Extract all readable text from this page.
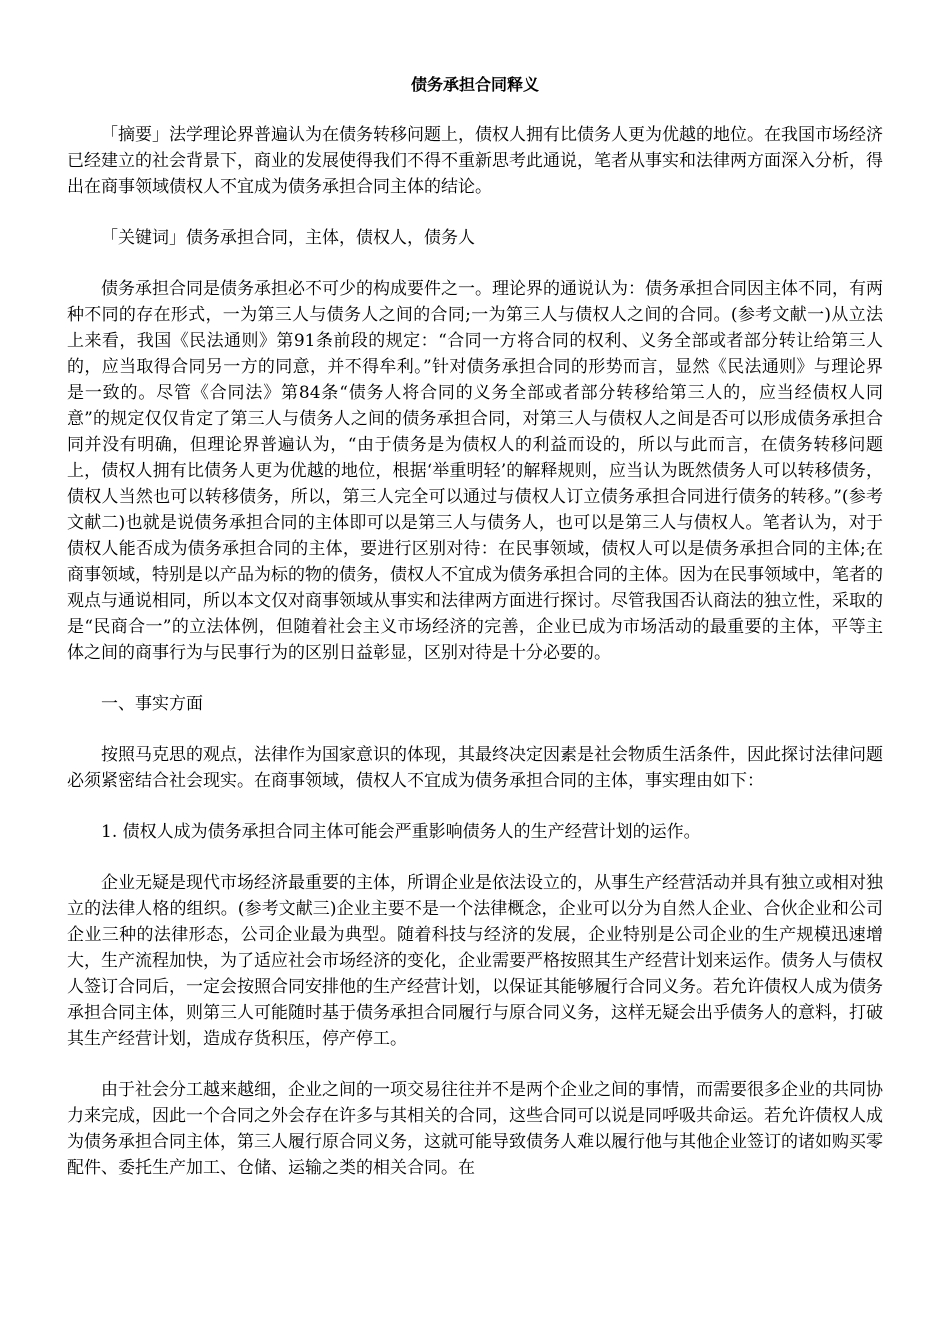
债务承担合同释义

「摘要」法学理论界普遍认为在债务转移问题上，债权人拥有比债务人更为优越的地位。在我国市场经济已经建立的社会背景下，商业的发展使得我们不得不重新思考此通说，笔者从事实和法律两方面深入分析，得出在商事领域债权人不宜成为债务承担合同主体的结论。

「关键词」债务承担合同，主体，债权人，债务人

债务承担合同是债务承担必不可少的构成要件之一。理论界的通说认为：债务承担合同因主体不同，有两种不同的存在形式，一为第三人与债务人之间的合同;一为第三人与债权人之间的合同。(参考文献一)从立法上来看，我国《民法通则》第91条前段的规定：“合同一方将合同的权利、义务全部或者部分转让给第三人的，应当取得合同另一方的同意，并不得牟利。”针对债务承担合同的形势而言，显然《民法通则》与理论界是一致的。尽管《合同法》第84条“债务人将合同的义务全部或者部分转移给第三人的，应当经债权人同意”的规定仅仅肯定了第三人与债务人之间的债务承担合同，对第三人与债权人之间是否可以形成债务承担合同并没有明确，但理论界普遍认为，“由于债务是为债权人的利益而设的，所以与此而言，在债务转移问题上，债权人拥有比债务人更为优越的地位，根据‘举重明轻’的解释规则，应当认为既然债务人可以转移债务，债权人当然也可以转移债务，所以，第三人完全可以通过与债权人订立债务承担合同进行债务的转移。”(参考文献二)也就是说债务承担合同的主体即可以是第三人与债务人，也可以是第三人与债权人。笔者认为，对于债权人能否成为债务承担合同的主体，要进行区别对待：在民事领域，债权人可以是债务承担合同的主体;在商事领域，特别是以产品为标的物的债务，债权人不宜成为债务承担合同的主体。因为在民事领域中，笔者的观点与通说相同，所以本文仅对商事领域从事实和法律两方面进行探讨。尽管我国否认商法的独立性，采取的是“民商合一”的立法体例，但随着社会主义市场经济的完善，企业已成为市场活动的最重要的主体，平等主体之间的商事行为与民事行为的区别日益彰显，区别对待是十分必要的。

一、事实方面

按照马克思的观点，法律作为国家意识的体现，其最终决定因素是社会物质生活条件，因此探讨法律问题必须紧密结合社会现实。在商事领域，债权人不宜成为债务承担合同的主体，事实理由如下：

1. 债权人成为债务承担合同主体可能会严重影响债务人的生产经营计划的运作。

企业无疑是现代市场经济最重要的主体，所谓企业是依法设立的，从事生产经营活动并具有独立或相对独立的法律人格的组织。(参考文献三)企业主要不是一个法律概念，企业可以分为自然人企业、合伙企业和公司企业三种的法律形态，公司企业最为典型。随着科技与经济的发展，企业特别是公司企业的生产规模迅速增大，生产流程加快，为了适应社会市场经济的变化，企业需要严格按照其生产经营计划来运作。债务人与债权人签订合同后，一定会按照合同安排他的生产经营计划，以保证其能够履行合同义务。若允许债权人成为债务承担合同主体，则第三人可能随时基于债务承担合同履行与原合同义务，这样无疑会出乎债务人的意料，打破其生产经营计划，造成存货积压，停产停工。

由于社会分工越来越细，企业之间的一项交易往往并不是两个企业之间的事情，而需要很多企业的共同协力来完成，因此一个合同之外会存在许多与其相关的合同，这些合同可以说是同呼吸共命运。若允许债权人成为债务承担合同主体，第三人履行原合同义务，这就可能导致债务人难以履行他与其他企业签订的诸如购买零配件、委托生产加工、仓储、运输之类的相关合同。在
